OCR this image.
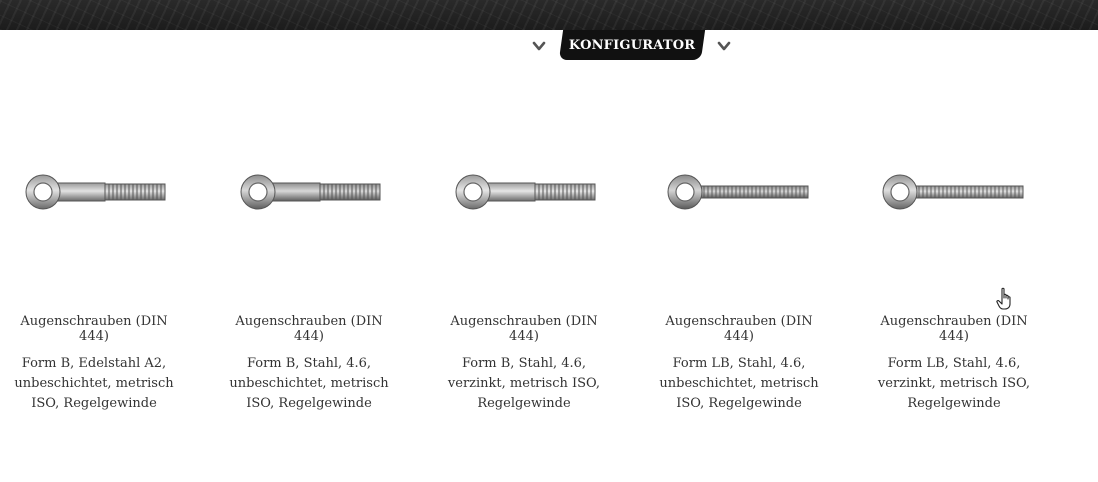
KONFIGURATOR
Augenschrauben (DIN 444)
Form B, Edelstahl A2, unbeschichtet, metrisch ISO, Regelgewinde
Augenschrauben (DIN 444)
Form B, Stahl, 4.6, unbeschichtet, metrisch ISO, Regelgewinde
Augenschrauben (DIN 444)
Form B, Stahl, 4.6, verzinkt, metrisch ISO, Regelgewinde
Augenschrauben (DIN 444)
Form LB, Stahl, 4.6, unbeschichtet, metrisch ISO, Regelgewinde
Augenschrauben (DIN 444)
Form LB, Stahl, 4.6, verzinkt, metrisch ISO, Regelgewinde
